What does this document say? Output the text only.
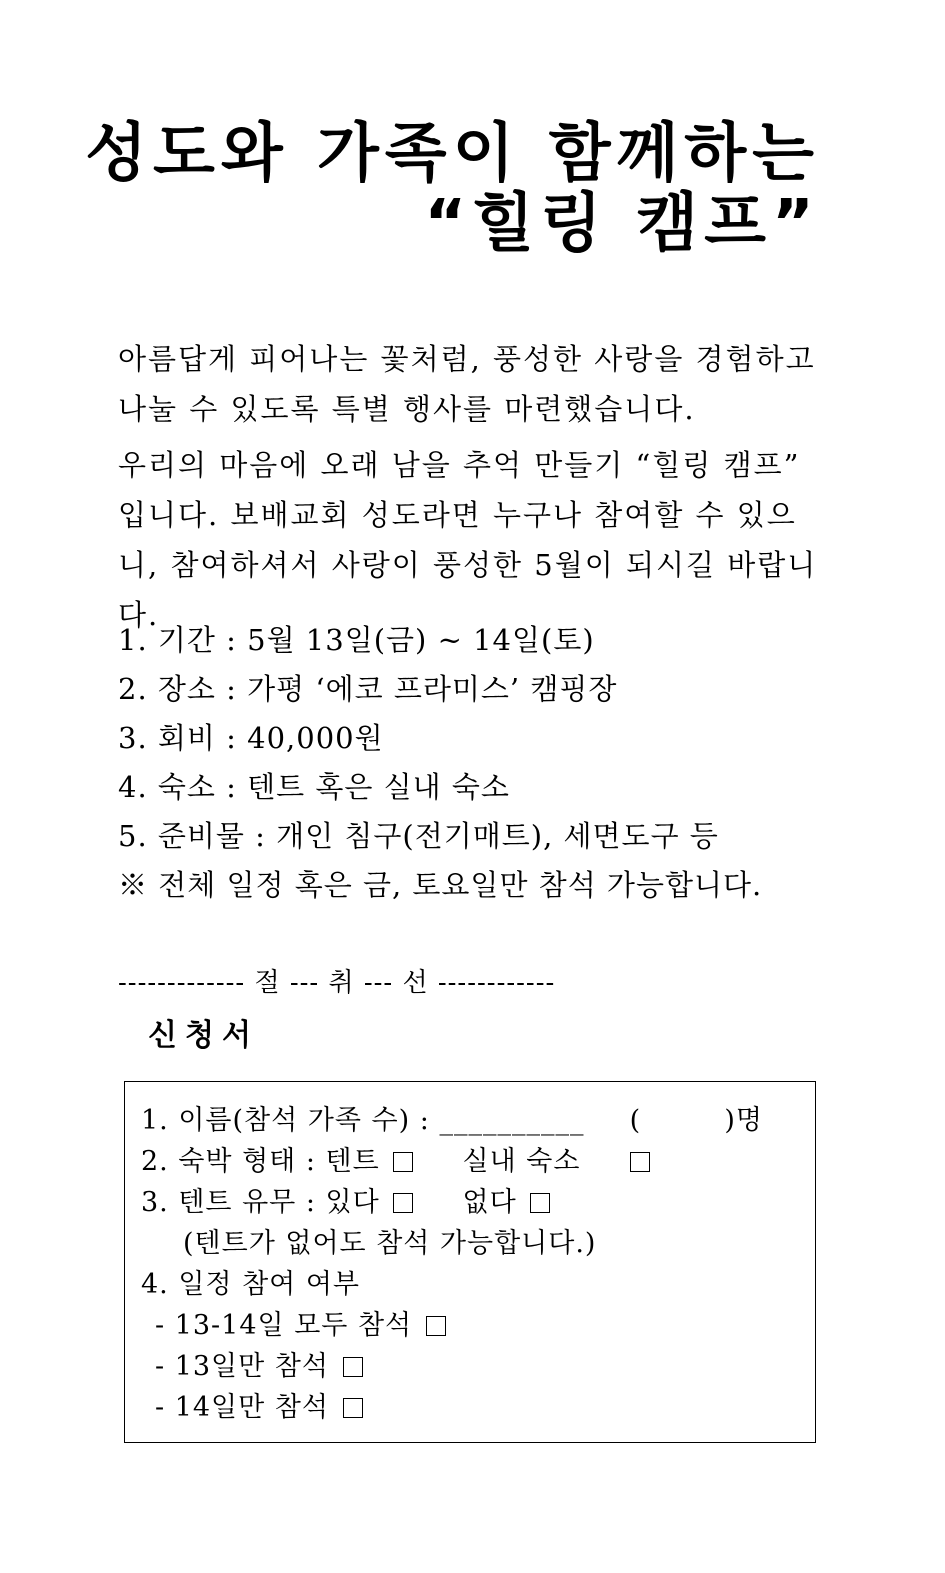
성도와 가족이 함께하는
“힐링 캠프”
아름답게 피어나는 꽃처럼, 풍성한 사랑을 경험하고 나눌 수 있도록 특별 행사를 마련했습니다.
우리의 마음에 오래 남을 추억 만들기 “힐링 캠프” 입니다. 보배교회 성도라면 누구나 참여할 수 있으니, 참여하셔서 사랑이 풍성한 5월이 되시길 바랍니다.
1. 기간 : 5월 13일(금) ~ 14일(토)
2. 장소 : 가평 ‘에코 프라미스’ 캠핑장
3. 회비 : 40,000원
4. 숙소 : 텐트 혹은 실내 숙소
5. 준비물 : 개인 침구(전기매트), 세면도구 등
※ 전체 일정 혹은 금, 토요일만 참석 가능합니다.
------------- 절 --- 취 --- 선 ------------
신청서
1. 이름(참석 가족 수) : __________ (	)명
2. 숙박 형태 : 텐트	실내 숙소
3. 텐트 유무 : 있다	없다
(텐트가 없어도 참석 가능합니다.)
4. 일정 참여 여부
- 13-14일 모두 참석
- 13일만 참석
- 14일만 참석
